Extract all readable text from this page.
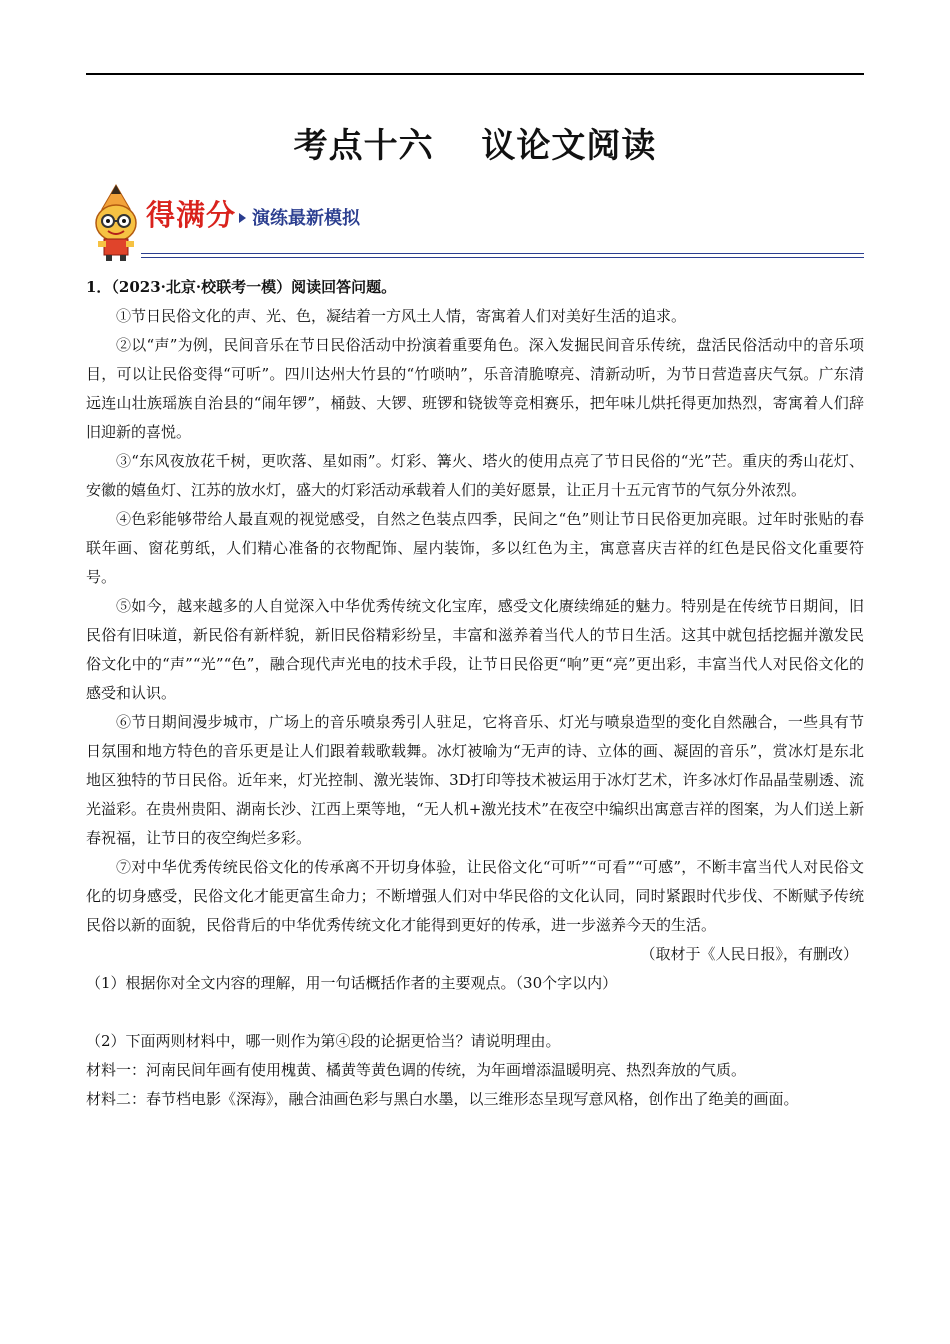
考点十六　 议论文阅读
得满分 演练最新模拟

1．（2023·北京·校联考一模）阅读回答问题。

①节日民俗文化的声、光、色，凝结着一方风土人情，寄寓着人们对美好生活的追求。

②以“声”为例，民间音乐在节日民俗活动中扮演着重要角色。深入发掘民间音乐传统，盘活民俗活动中的音乐项目，可以让民俗变得“可听”。四川达州大竹县的“竹唢呐”，乐音清脆嘹亮、清新动听，为节日营造喜庆气氛。广东清远连山壮族瑶族自治县的“闹年锣”，桶鼓、大锣、班锣和铙钹等竞相赛乐，把年味儿烘托得更加热烈，寄寓着人们辞旧迎新的喜悦。

③“东风夜放花千树，更吹落、星如雨”。灯彩、篝火、塔火的使用点亮了节日民俗的“光”芒。重庆的秀山花灯、安徽的嬉鱼灯、江苏的放水灯，盛大的灯彩活动承载着人们的美好愿景，让正月十五元宵节的气氛分外浓烈。

④色彩能够带给人最直观的视觉感受，自然之色装点四季，民间之“色”则让节日民俗更加亮眼。过年时张贴的春联年画、窗花剪纸，人们精心准备的衣物配饰、屋内装饰，多以红色为主，寓意喜庆吉祥的红色是民俗文化重要符号。

⑤如今，越来越多的人自觉深入中华优秀传统文化宝库，感受文化赓续绵延的魅力。特别是在传统节日期间，旧民俗有旧味道，新民俗有新样貌，新旧民俗精彩纷呈，丰富和滋养着当代人的节日生活。这其中就包括挖掘并激发民俗文化中的“声”“光”“色”，融合现代声光电的技术手段，让节日民俗更“响”更“亮”更出彩，丰富当代人对民俗文化的感受和认识。

⑥节日期间漫步城市，广场上的音乐喷泉秀引人驻足，它将音乐、灯光与喷泉造型的变化自然融合，一些具有节日氛围和地方特色的音乐更是让人们跟着载歌载舞。冰灯被喻为“无声的诗、立体的画、凝固的音乐”，赏冰灯是东北地区独特的节日民俗。近年来，灯光控制、激光装饰、3D打印等技术被运用于冰灯艺术，许多冰灯作品晶莹剔透、流光溢彩。在贵州贵阳、湖南长沙、江西上栗等地，“无人机+激光技术”在夜空中编织出寓意吉祥的图案，为人们送上新春祝福，让节日的夜空绚烂多彩。

⑦对中华优秀传统民俗文化的传承离不开切身体验，让民俗文化“可听”“可看”“可感”，不断丰富当代人对民俗文化的切身感受，民俗文化才能更富生命力；不断增强人们对中华民俗的文化认同，同时紧跟时代步伐、不断赋予传统民俗以新的面貌，民俗背后的中华优秀传统文化才能得到更好的传承，进一步滋养今天的生活。

（取材于《人民日报》，有删改）

（1）根据你对全文内容的理解，用一句话概括作者的主要观点。（30个字以内）

（2）下面两则材料中，哪一则作为第④段的论据更恰当？请说明理由。

材料一：河南民间年画有使用槐黄、橘黄等黄色调的传统，为年画增添温暖明亮、热烈奔放的气质。

材料二：春节档电影《深海》，融合油画色彩与黑白水墨，以三维形态呈现写意风格，创作出了绝美的画面。
